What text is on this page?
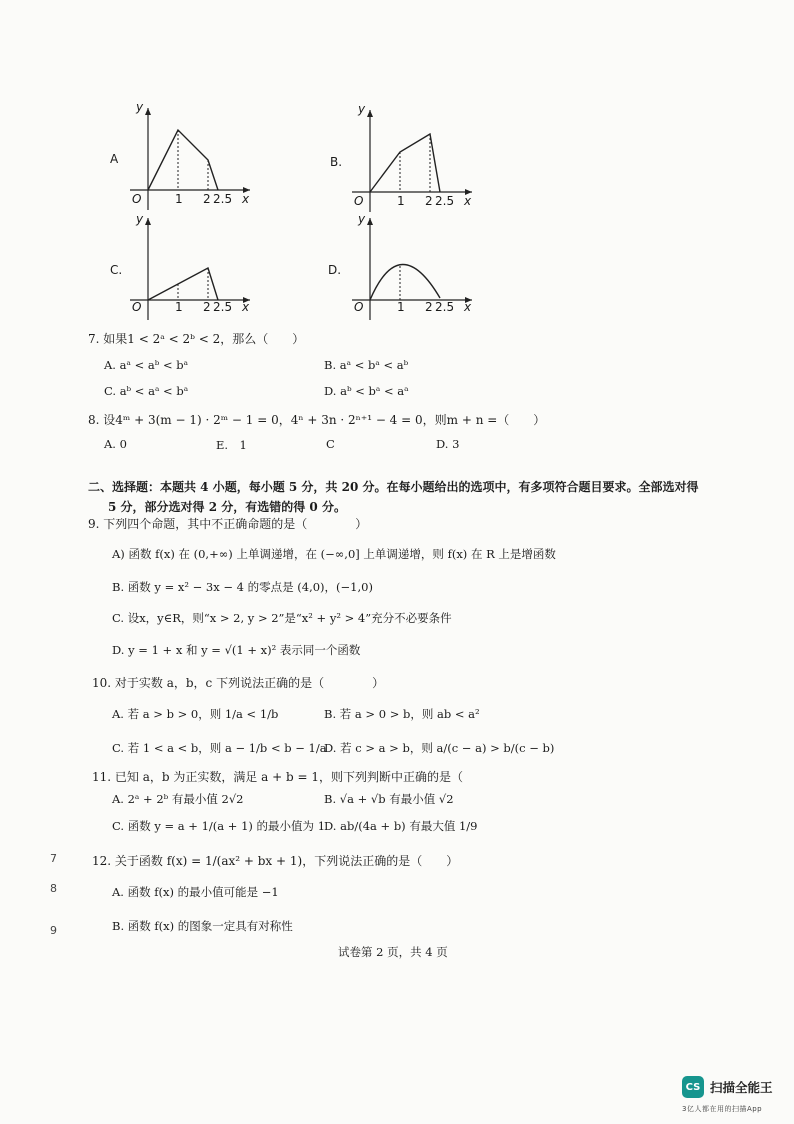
A
y
O	1 2 2.5 x
B.
y
O	1 2 2.5 x
C.
y
O	1 2 2.5 x
D.
y
O	1 2 2.5 x
7. 如果1 < 2ᵃ < 2ᵇ < 2，那么（　　）
A. aᵃ < aᵇ < bᵃ	B. aᵃ < bᵃ < aᵇ
C. aᵇ < aᵃ < bᵃ	D. aᵇ < bᵃ < aᵃ
8. 设4ᵐ + 3(m − 1) · 2ᵐ − 1 = 0，4ⁿ + 3n · 2ⁿ⁺¹ − 4 = 0，则m + n =（　　）
A. 0	E.　1	C	D. 3
二、选择题：本题共 4 小题，每小题 5 分，共 20 分。在每小题给出的选项中，有多项符合题目要求。全部选对得
5 分，部分选对得 2 分，有选错的得 0 分。
9. 下列四个命题，其中不正确命题的是（　　　　）
A) 函数 f(x) 在 (0,+∞) 上单调递增，在 (−∞,0] 上单调递增，则 f(x) 在 R 上是增函数
B. 函数 y = x² − 3x − 4 的零点是 (4,0)，(−1,0)
C. 设x，y∈R，则“x > 2, y > 2”是“x² + y² > 4”充分不必要条件
D. y = 1 + x 和 y = √(1 + x)² 表示同一个函数
10. 对于实数 a，b，c 下列说法正确的是（　　　　）
A. 若 a > b > 0，则 1/a < 1/b	B. 若 a > 0 > b，则 ab < a²
C. 若 1 < a < b，则 a − 1/b < b − 1/a
D. 若 c > a > b，则 a/(c − a) > b/(c − b)
11. 已知 a，b 为正实数，满足 a + b = 1，则下列判断中正确的是（
A. 2ᵃ + 2ᵇ 有最小值 2√2	B. √a + √b 有最小值 √2
C. 函数 y = a + 1/(a + 1) 的最小值为 1
D. ab/(4a + b) 有最大值 1/9
12. 关于函数 f(x) = 1/(ax² + bx + 1)，下列说法正确的是（　　）
A. 函数 f(x) 的最小值可能是 −1
B. 函数 f(x) 的图象一定具有对称性
7
8
9
试卷第 2 页，共 4 页
CS 扫描全能王
3亿人都在用的扫描App
